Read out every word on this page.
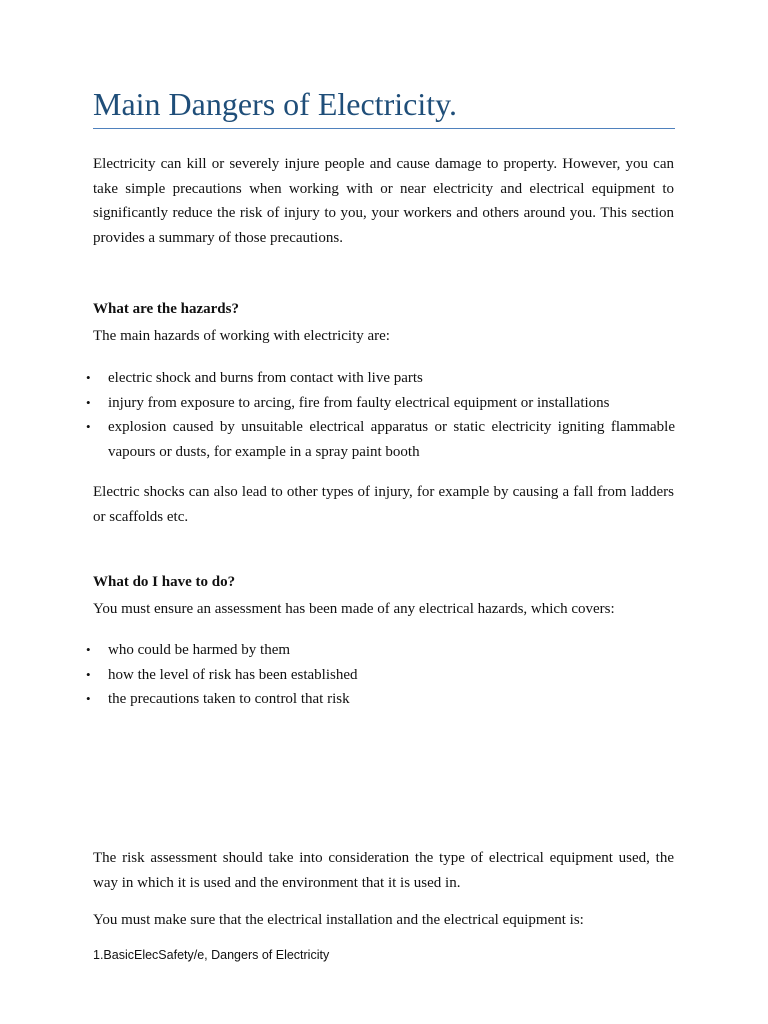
Main Dangers of Electricity.

Electricity can kill or severely injure people and cause damage to property. However, you can take simple precautions when working with or near electricity and electrical equipment to significantly reduce the risk of injury to you, your workers and others around you. This section provides a summary of those precautions.

What are the hazards?

The main hazards of working with electricity are:

• electric shock and burns from contact with live parts
• injury from exposure to arcing, fire from faulty electrical equipment or installations
• explosion caused by unsuitable electrical apparatus or static electricity igniting flammable vapours or dusts, for example in a spray paint booth

Electric shocks can also lead to other types of injury, for example by causing a fall from ladders or scaffolds etc.

What do I have to do?

You must ensure an assessment has been made of any electrical hazards, which covers:

• who could be harmed by them
• how the level of risk has been established
• the precautions taken to control that risk

The risk assessment should take into consideration the type of electrical equipment used, the way in which it is used and the environment that it is used in.

You must make sure that the electrical installation and the electrical equipment is:

1.BasicElecSafety/e, Dangers of Electricity
